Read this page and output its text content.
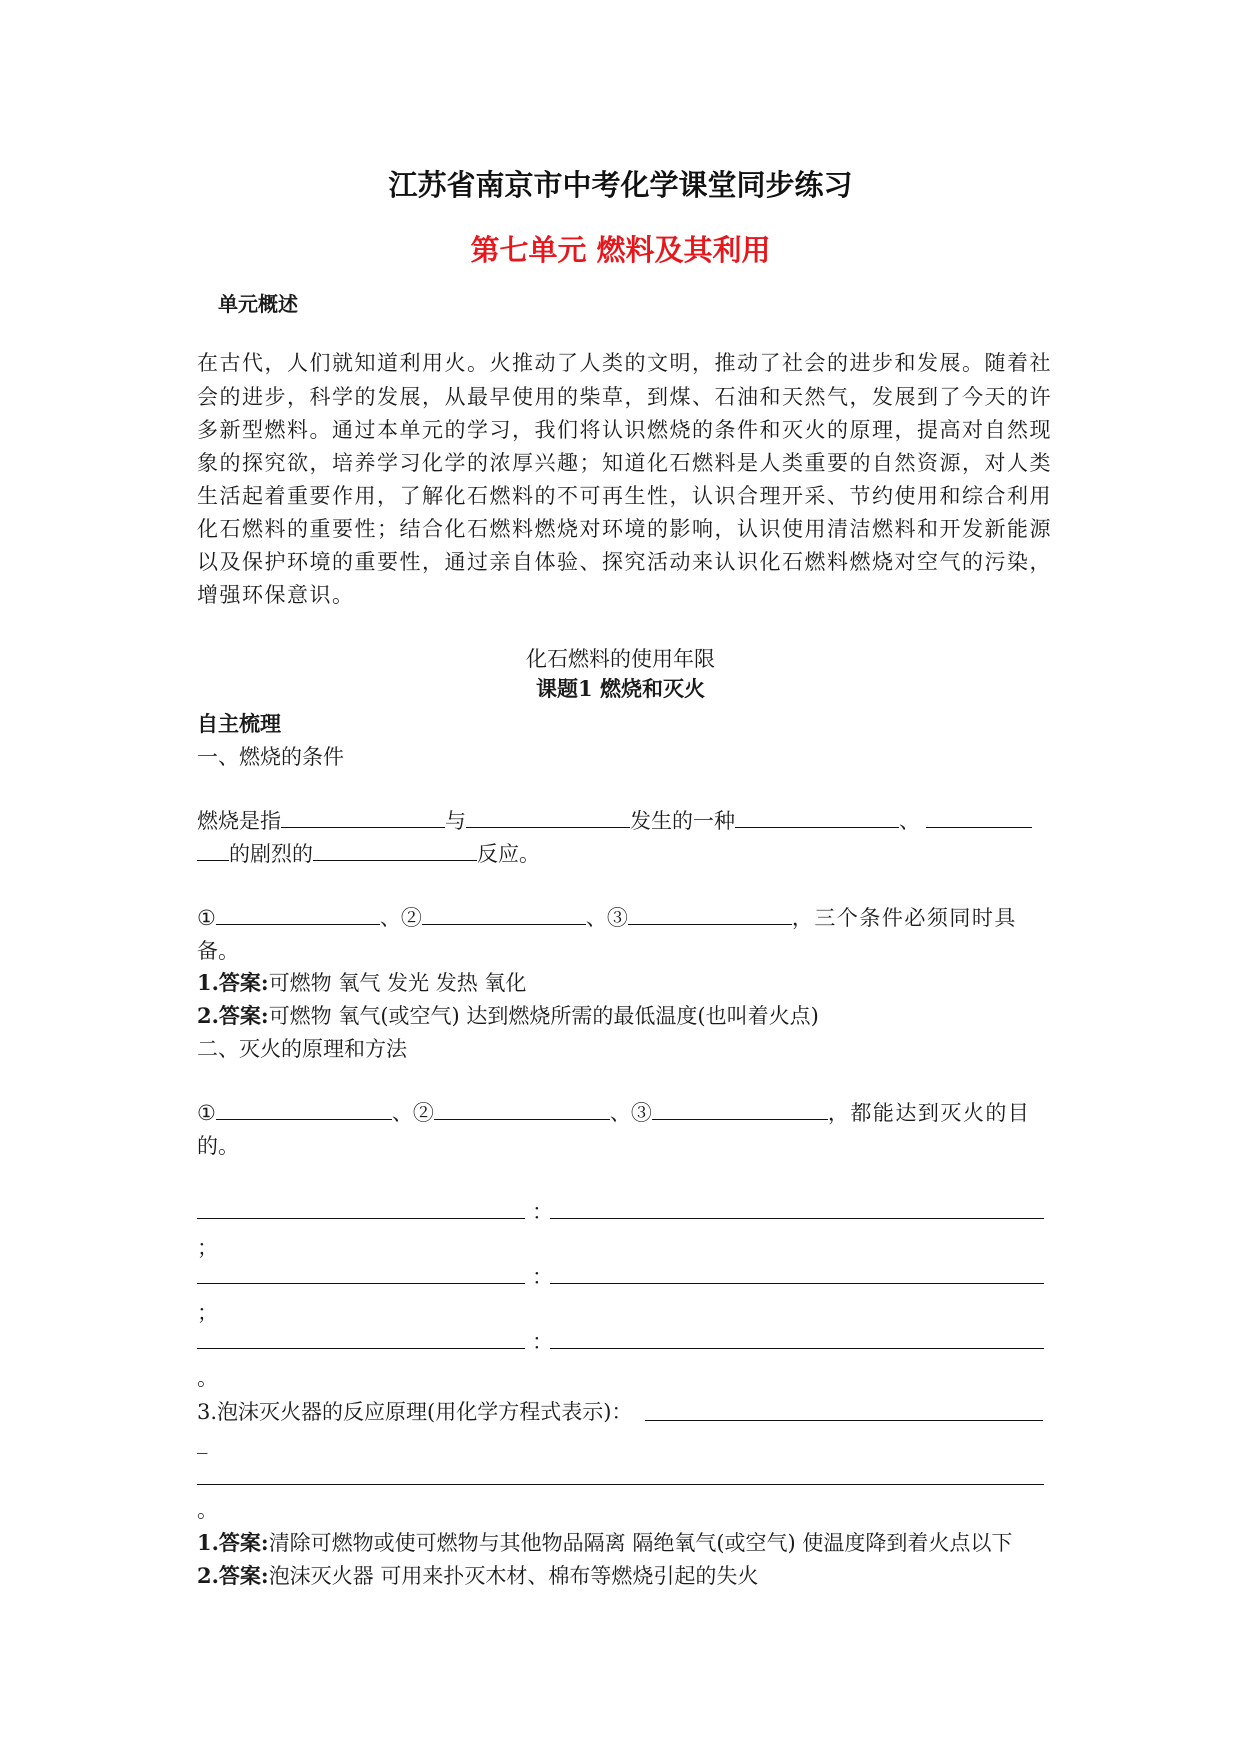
江苏省南京市中考化学课堂同步练习
第七单元 燃料及其利用
单元概述
在古代，人们就知道利用火。火推动了人类的文明，推动了社会的进步和发展。随着社
会的进步，科学的发展，从最早使用的柴草，到煤、石油和天然气，发展到了今天的许
多新型燃料。通过本单元的学习，我们将认识燃烧的条件和灭火的原理，提高对自然现
象的探究欲，培养学习化学的浓厚兴趣；知道化石燃料是人类重要的自然资源，对人类
生活起着重要作用，了解化石燃料的不可再生性，认识合理开采、节约使用和综合利用
化石燃料的重要性；结合化石燃料燃烧对环境的影响，认识使用清洁燃料和开发新能源
以及保护环境的重要性，通过亲自体验、探究活动来认识化石燃料燃烧对空气的污染，
增强环保意识。
化石燃料的使用年限
课题1 燃烧和灭火
自主梳理
一、燃烧的条件
燃烧是指	与	发生的一种	、
的剧烈的	反应。
①	、②	、③	，三个条件必须同时具
备。
1.答案:可燃物 氧气 发光 发热 氧化
2.答案:可燃物 氧气(或空气) 达到燃烧所需的最低温度(也叫着火点)
二、灭火的原理和方法
①	、②	、③	，都能达到灭火的目
的。
：
；
：
；
：
。
3.泡沫灭火器的反应原理(用化学方程式表示)：
_
。
1.答案:清除可燃物或使可燃物与其他物品隔离 隔绝氧气(或空气) 使温度降到着火点以下
2.答案:泡沫灭火器 可用来扑灭木材、棉布等燃烧引起的失火
